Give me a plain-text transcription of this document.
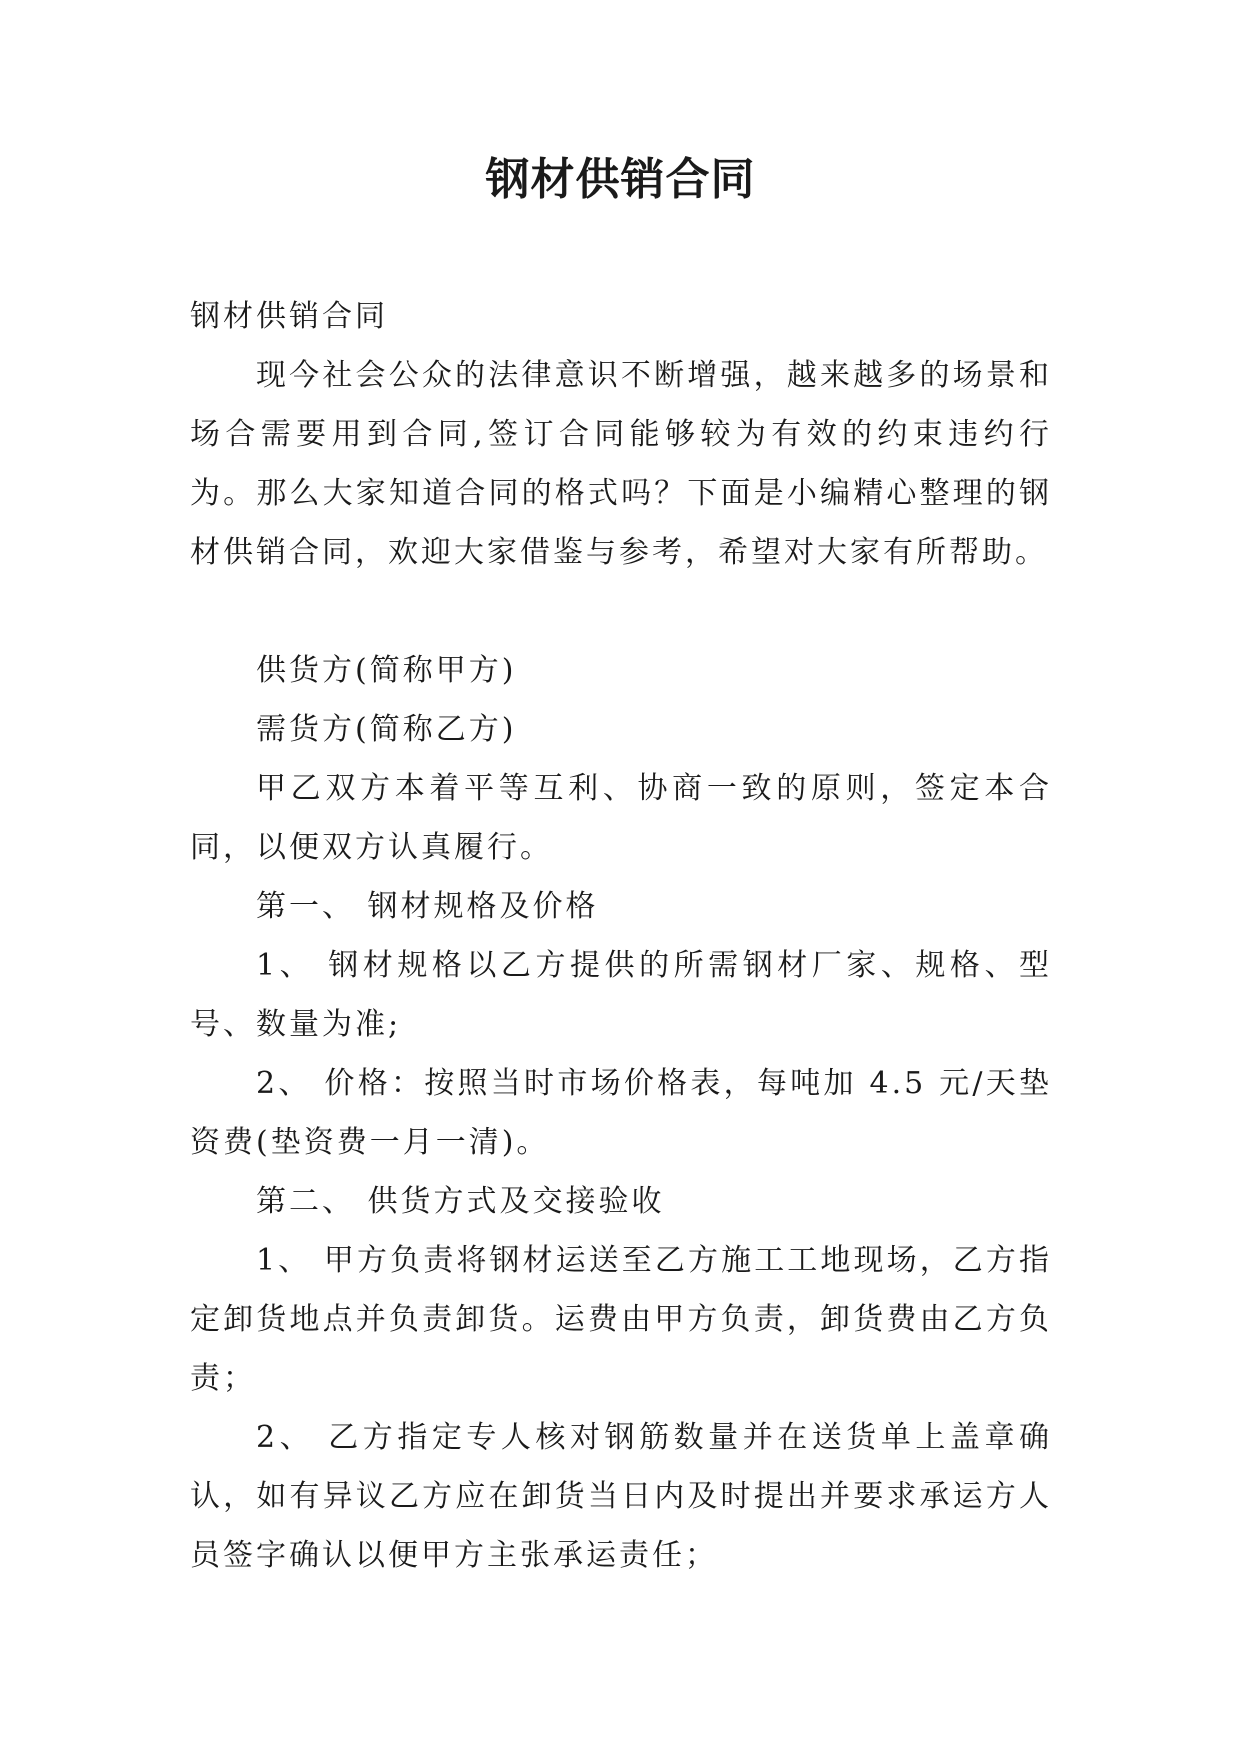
钢材供销合同

钢材供销合同

现今社会公众的法律意识不断增强，越来越多的场景和场合需要用到合同,签订合同能够较为有效的约束违约行为。那么大家知道合同的格式吗？下面是小编精心整理的钢材供销合同，欢迎大家借鉴与参考，希望对大家有所帮助。

供货方(简称甲方)

需货方(简称乙方)

甲乙双方本着平等互利、协商一致的原则，签定本合同，以便双方认真履行。

第一、 钢材规格及价格

1、 钢材规格以乙方提供的所需钢材厂家、规格、型号、数量为准;

2、 价格：按照当时市场价格表，每吨加 4.5 元/天垫资费(垫资费一月一清)。

第二、 供货方式及交接验收

1、 甲方负责将钢材运送至乙方施工工地现场，乙方指定卸货地点并负责卸货。运费由甲方负责，卸货费由乙方负责；

2、 乙方指定专人核对钢筋数量并在送货单上盖章确认，如有异议乙方应在卸货当日内及时提出并要求承运方人员签字确认以便甲方主张承运责任；
